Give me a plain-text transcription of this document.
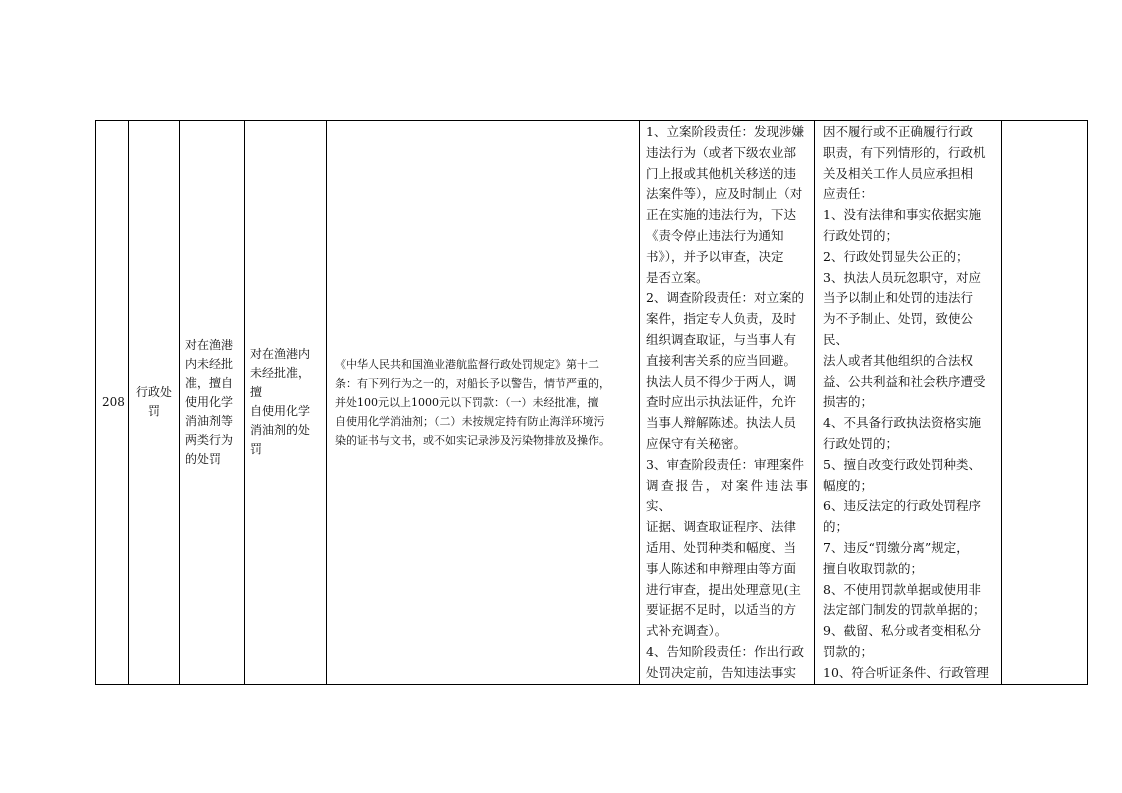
208

行政处
罚

对在渔港
内未经批
准，擅自
使用化学
消油剂等
两类行为
的处罚

对在渔港内
未经批准，擅
自使用化学
消油剂的处
罚

《中华人民共和国渔业港航监督行政处罚规定》第十二
条：有下列行为之一的，对船长予以警告，情节严重的，
并处100元以上1000元以下罚款：（一）未经批准，擅
自使用化学消油剂；（二）未按规定持有防止海洋环境污
染的证书与文书，或不如实记录涉及污染物排放及操作。

1、立案阶段责任：发现涉嫌
违法行为（或者下级农业部
门上报或其他机关移送的违
法案件等），应及时制止（对
正在实施的违法行为，下达
《责令停止违法行为通知
书》），并予以审查，决定
是否立案。
2、调查阶段责任：对立案的
案件，指定专人负责，及时
组织调查取证，与当事人有
直接利害关系的应当回避。
执法人员不得少于两人，调
查时应出示执法证件，允许
当事人辩解陈述。执法人员
应保守有关秘密。
3、审查阶段责任：审理案件
调查报告，对案件违法事实、
证据、调查取证程序、法律
适用、处罚种类和幅度、当
事人陈述和申辩理由等方面
进行审查，提出处理意见(主
要证据不足时，以适当的方
式补充调查）。
4、告知阶段责任：作出行政
处罚决定前，告知违法事实

因不履行或不正确履行行政
职责，有下列情形的，行政机
关及相关工作人员应承担相
应责任：
1、没有法律和事实依据实施
行政处罚的；
2、行政处罚显失公正的；
3、执法人员玩忽职守，对应
当予以制止和处罚的违法行
为不予制止、处罚，致使公民、
法人或者其他组织的合法权
益、公共利益和社会秩序遭受
损害的；
4、不具备行政执法资格实施
行政处罚的；
5、擅自改变行政处罚种类、
幅度的；
6、违反法定的行政处罚程序
的；
7、违反“罚缴分离”规定，
擅自收取罚款的；
8、不使用罚款单据或使用非
法定部门制发的罚款单据的；
9、截留、私分或者变相私分
罚款的；
10、符合听证条件、行政管理
